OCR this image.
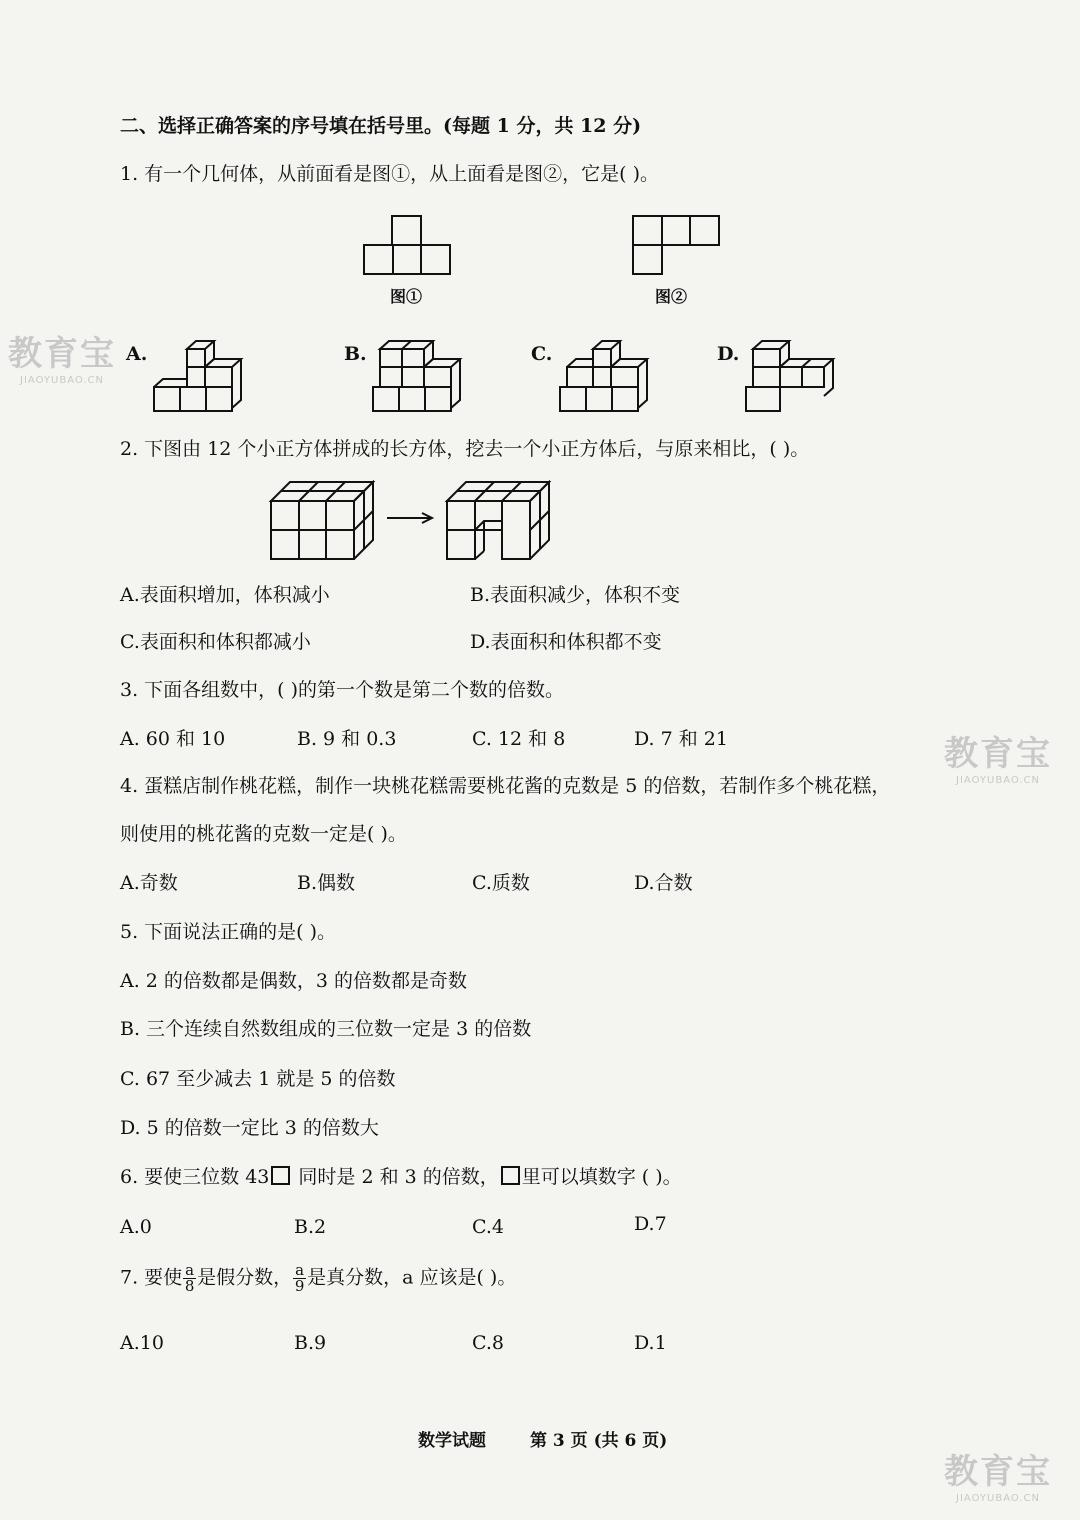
教育宝
JIAOYUBAO.CN
教育宝
JIAOYUBAO.CN
教育宝
JIAOYUBAO.CN
二、选择正确答案的序号填在括号里。(每题 1 分，共 12 分)
1. 有一个几何体，从前面看是图①，从上面看是图②，它是( )。
图①	图②
A.	B.	C.	D.
2. 下图由 12 个小正方体拼成的长方体，挖去一个小正方体后，与原来相比，( )。
A.表面积增加，体积减小	B.表面积减少，体积不变
C.表面积和体积都减小	D.表面积和体积都不变
3. 下面各组数中，( )的第一个数是第二个数的倍数。
A. 60 和 10	B. 9 和 0.3	C. 12 和 8	D. 7 和 21
4. 蛋糕店制作桃花糕，制作一块桃花糕需要桃花酱的克数是 5 的倍数，若制作多个桃花糕，
则使用的桃花酱的克数一定是( )。
A.奇数	B.偶数	C.质数	D.合数
5. 下面说法正确的是( )。
A. 2 的倍数都是偶数，3 的倍数都是奇数
B. 三个连续自然数组成的三位数一定是 3 的倍数
C. 67 至少减去 1 就是 5 的倍数
D. 5 的倍数一定比 3 的倍数大
6. 要使三位数 43 同时是 2 和 3 的倍数， 里可以填数字 ( )。
A.0	B.2	C.4	D.7
7. 要使 $\frac{a}{8}$ 是假分数， $\frac{a}{9}$ 是真分数，a 应该是( )。
A.10	B.9	C.8	D.1
数学试题	第 3 页 (共 6 页)
